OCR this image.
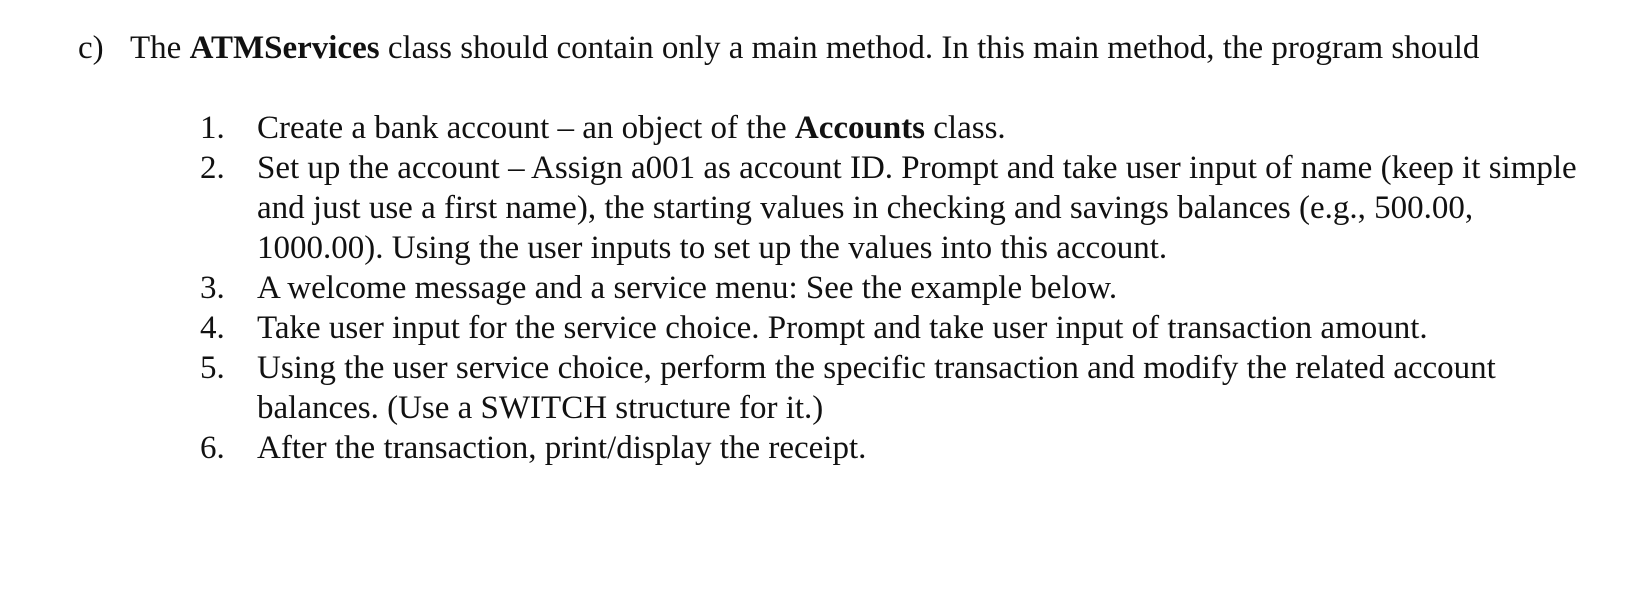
c) The ATMServices class should contain only a main method. In this main method, the program should
1. Create a bank account – an object of the Accounts class.
2. Set up the account – Assign a001 as account ID. Prompt and take user input of name (keep it simple and just use a first name), the starting values in checking and savings balances (e.g., 500.00, 1000.00). Using the user inputs to set up the values into this account.
3. A welcome message and a service menu: See the example below.
4. Take user input for the service choice. Prompt and take user input of transaction amount.
5. Using the user service choice, perform the specific transaction and modify the related account balances. (Use a SWITCH structure for it.)
6. After the transaction, print/display the receipt.
